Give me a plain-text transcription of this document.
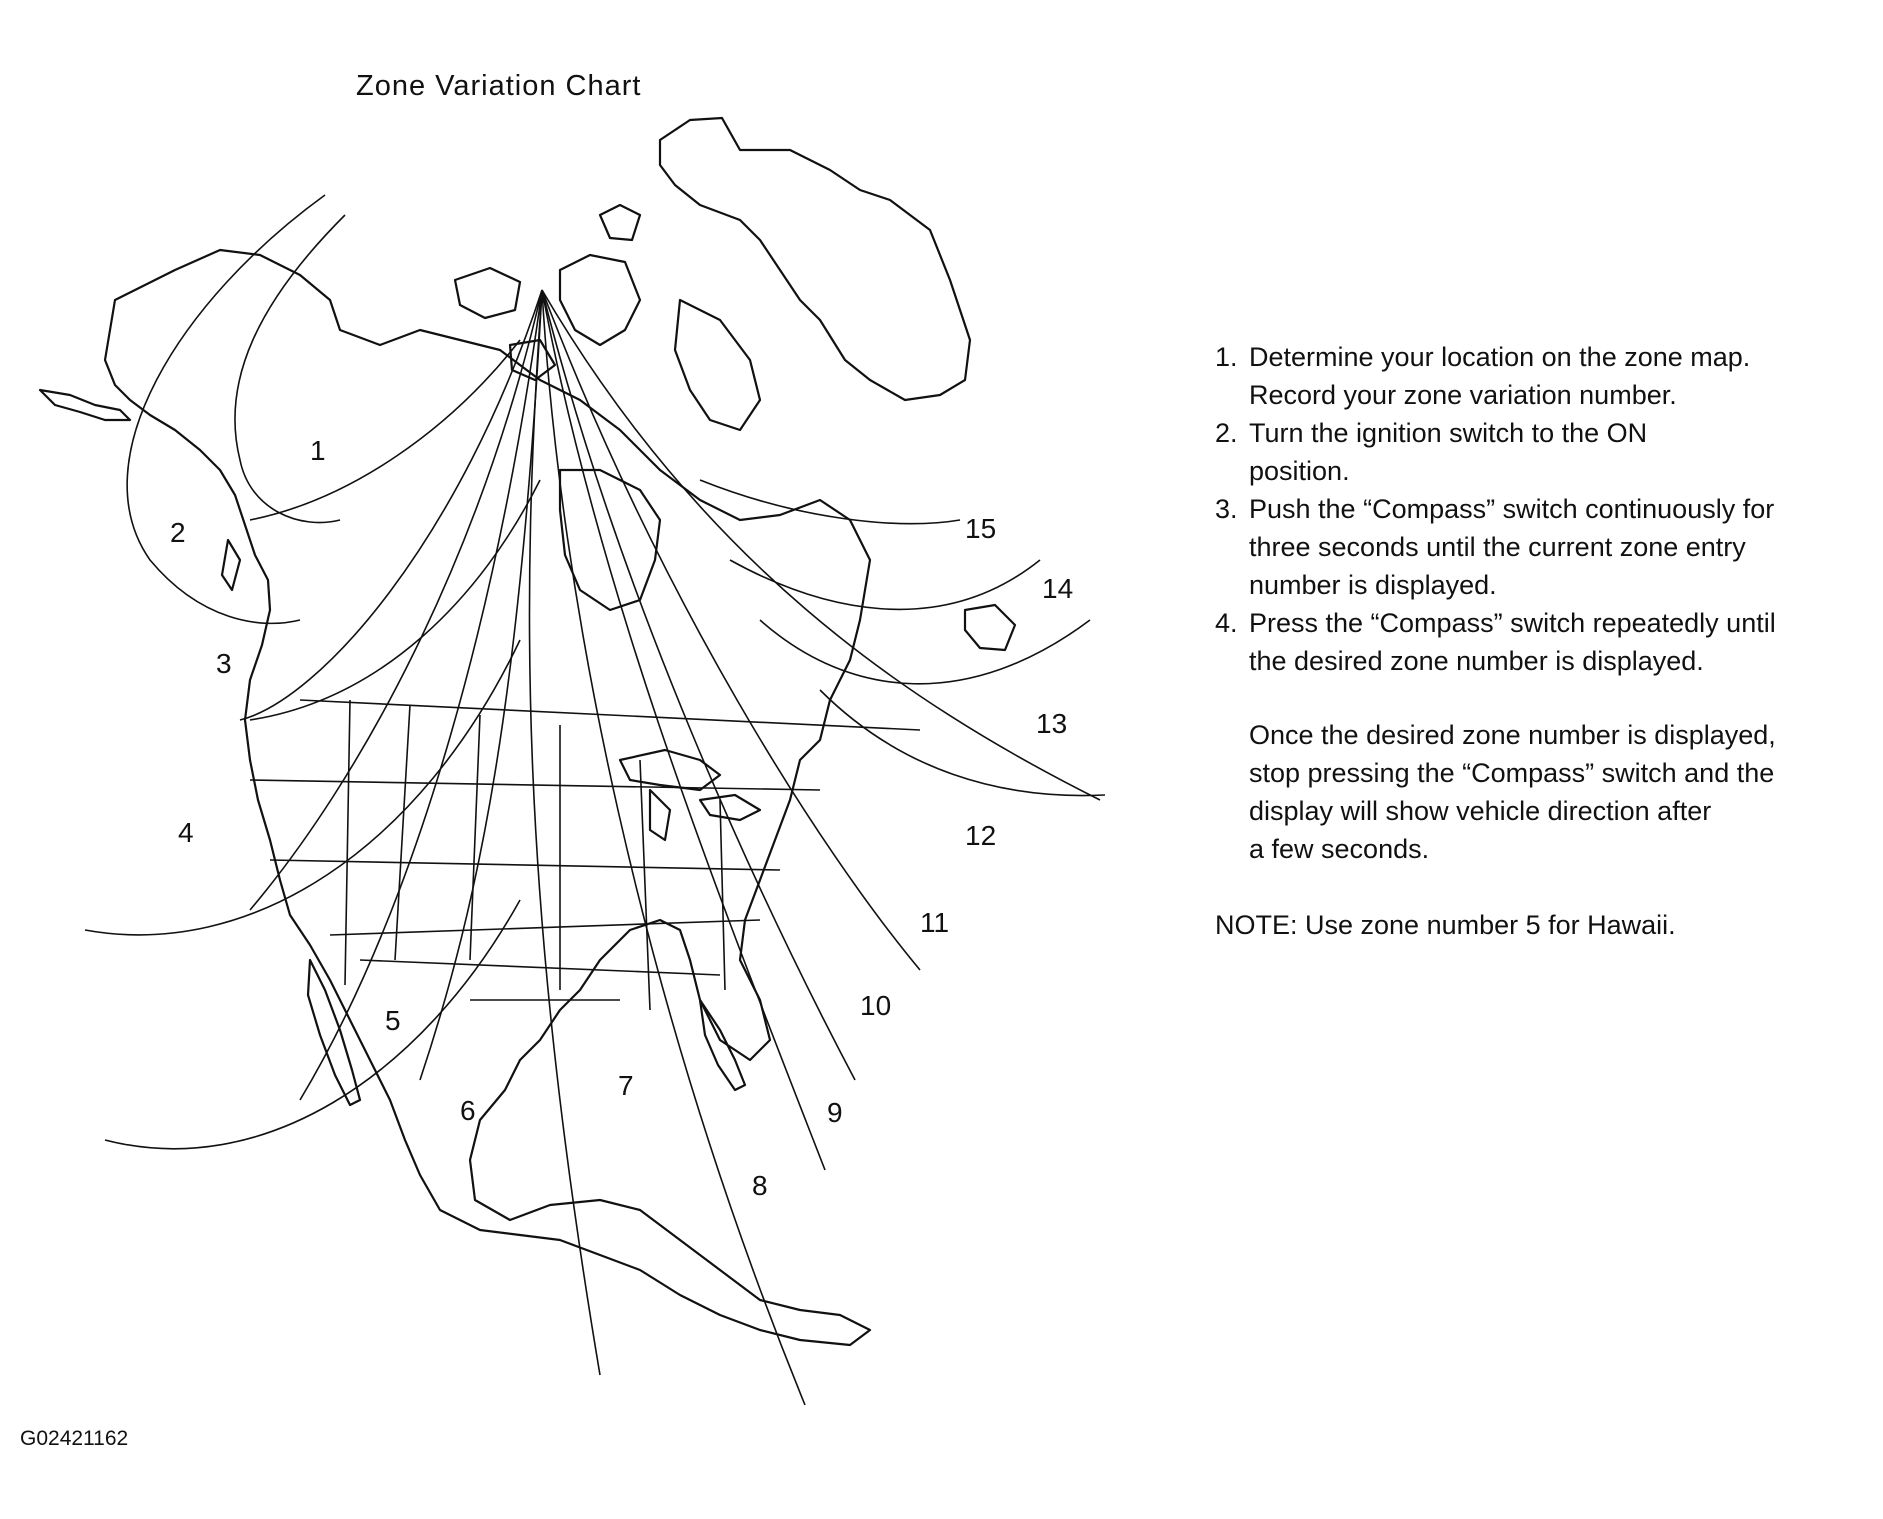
Zone Variation Chart
1
2
3
4
5
6
7
8
9
10
11
12
13
14
15
1. Determine your location on the zone map.
Record your zone variation number.
2. Turn the ignition switch to the ON
position.
3. Push the “Compass” switch continuously for
three seconds until the current zone entry
number is displayed.
4. Press the “Compass” switch repeatedly until
the desired zone number is displayed.
Once the desired zone number is displayed,
stop pressing the “Compass” switch and the
display will show vehicle direction after
a few seconds.
NOTE: Use zone number 5 for Hawaii.
G02421162
